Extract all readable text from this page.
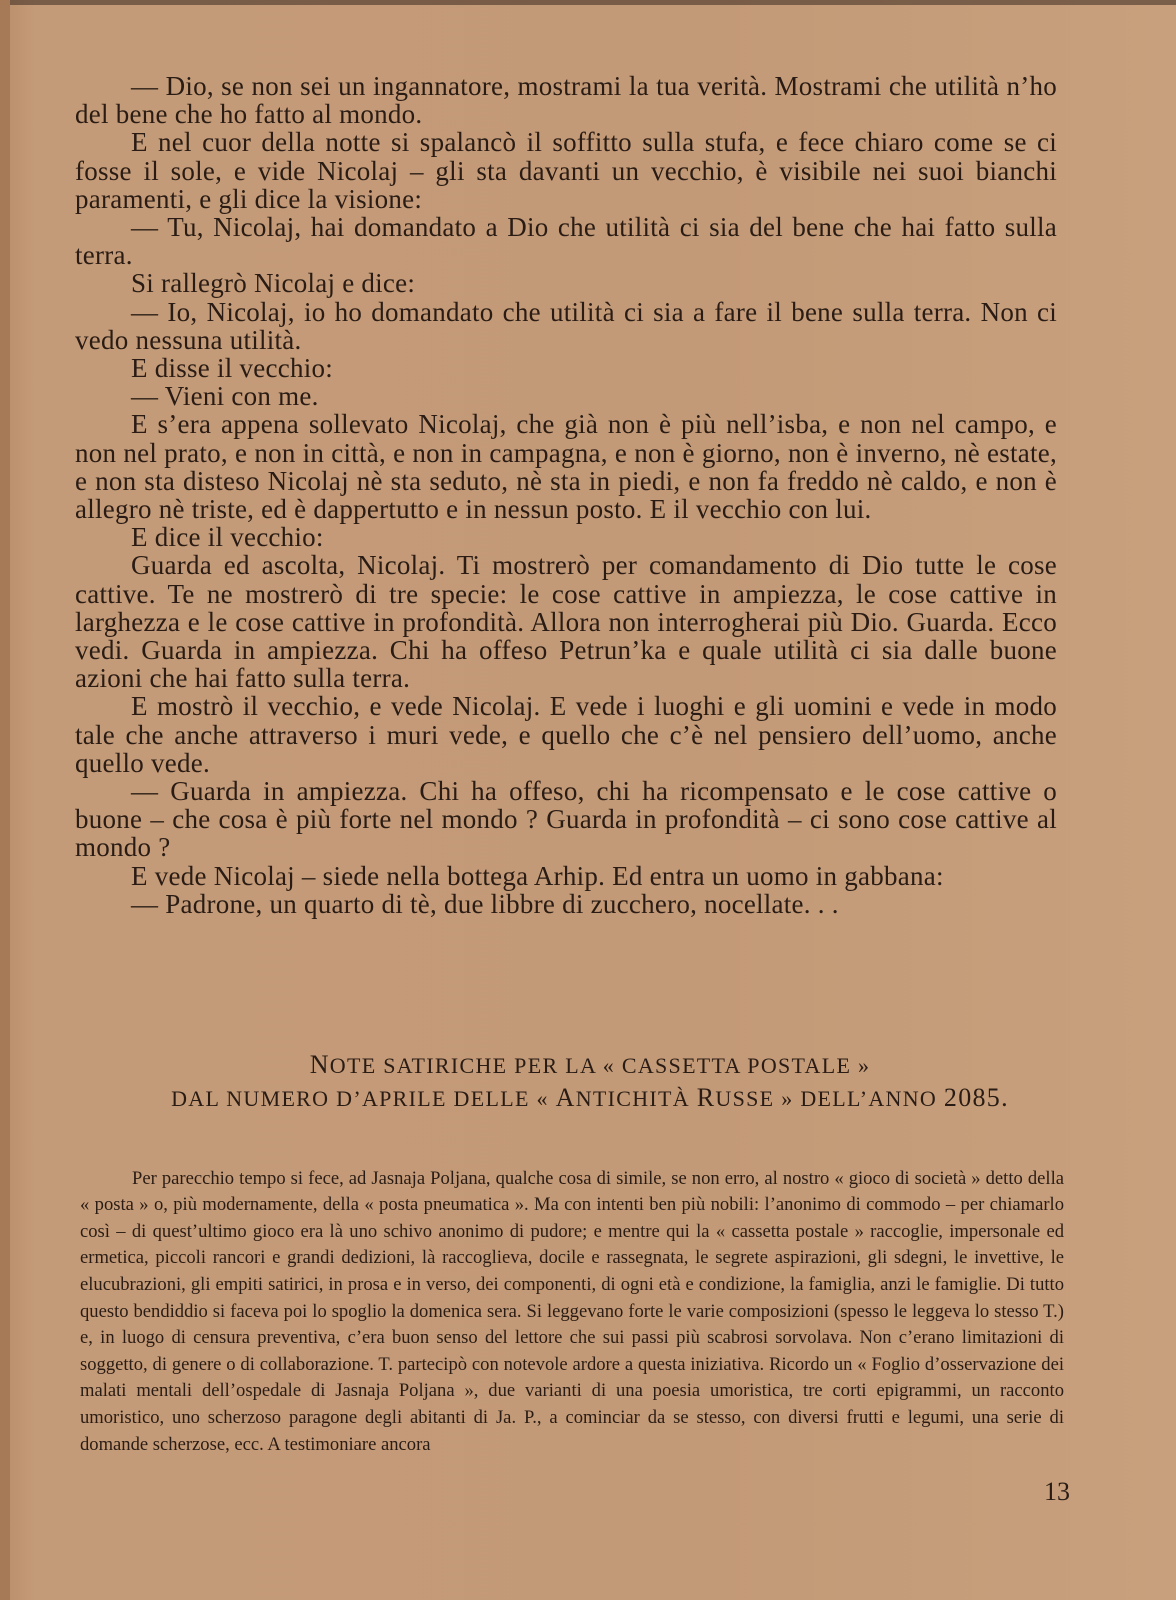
— Dio, se non sei un ingannatore, mostrami la tua verità. Mostrami che utilità n’ho del bene che ho fatto al mondo.

E nel cuor della notte si spalancò il soffitto sulla stufa, e fece chiaro come se ci fosse il sole, e vide Nicolaj – gli sta davanti un vecchio, è visibile nei suoi bianchi paramenti, e gli dice la visione:

— Tu, Nicolaj, hai domandato a Dio che utilità ci sia del bene che hai fatto sulla terra.

Si rallegrò Nicolaj e dice:

— Io, Nicolaj, io ho domandato che utilità ci sia a fare il bene sulla terra. Non ci vedo nessuna utilità.

E disse il vecchio:

— Vieni con me.

E s’era appena sollevato Nicolaj, che già non è più nell’isba, e non nel campo, e non nel prato, e non in città, e non in campagna, e non è giorno, non è inverno, nè estate, e non sta disteso Nicolaj nè sta seduto, nè sta in piedi, e non fa freddo nè caldo, e non è allegro nè triste, ed è dappertutto e in nessun posto. E il vecchio con lui.

E dice il vecchio:

Guarda ed ascolta, Nicolaj. Ti mostrerò per comandamento di Dio tutte le cose cattive. Te ne mostrerò di tre specie: le cose cattive in ampiezza, le cose cattive in larghezza e le cose cattive in profondità. Allora non interrogherai più Dio. Guarda. Ecco vedi. Guarda in ampiezza. Chi ha offeso Petrun’ka e quale utilità ci sia dalle buone azioni che hai fatto sulla terra.

E mostrò il vecchio, e vede Nicolaj. E vede i luoghi e gli uomini e vede in modo tale che anche attraverso i muri vede, e quello che c’è nel pensiero dell’uomo, anche quello vede.

— Guarda in ampiezza. Chi ha offeso, chi ha ricompensato e le cose cattive o buone – che cosa è più forte nel mondo ? Guarda in profondità – ci sono cose cattive al mondo ?

E vede Nicolaj – siede nella bottega Arhip. Ed entra un uomo in gabbana:

— Padrone, un quarto di tè, due libbre di zucchero, nocellate. . .

NOTE SATIRICHE PER LA « CASSETTA POSTALE »
DAL NUMERO D’APRILE DELLE « ANTICHITÀ RUSSE » DELL’ANNO 2085.

Per parecchio tempo si fece, ad Jasnaja Poljana, qualche cosa di simile, se non erro, al nostro « gioco di società » detto della « posta » o, più modernamente, della « posta pneumatica ». Ma con intenti ben più nobili: l’anonimo di commodo – per chiamarlo così – di quest’ultimo gioco era là uno schivo anonimo di pudore; e mentre qui la « cassetta postale » raccoglie, impersonale ed ermetica, piccoli rancori e grandi dedizioni, là raccoglieva, docile e rassegnata, le segrete aspirazioni, gli sdegni, le invettive, le elucubrazioni, gli empiti satirici, in prosa e in verso, dei componenti, di ogni età e condizione, la famiglia, anzi le famiglie. Di tutto questo bendiddio si faceva poi lo spoglio la domenica sera. Si leggevano forte le varie composizioni (spesso le leggeva lo stesso T.) e, in luogo di censura preventiva, c’era buon senso del lettore che sui passi più scabrosi sorvolava. Non c’erano limitazioni di soggetto, di genere o di collaborazione. T. partecipò con notevole ardore a questa iniziativa. Ricordo un « Foglio d’osservazione dei malati mentali dell’ospedale di Jasnaja Poljana », due varianti di una poesia umoristica, tre corti epigrammi, un racconto umoristico, uno scherzoso paragone degli abitanti di Ja. P., a cominciar da se stesso, con diversi frutti e legumi, una serie di domande scherzose, ecc. A testimoniare ancora

13
